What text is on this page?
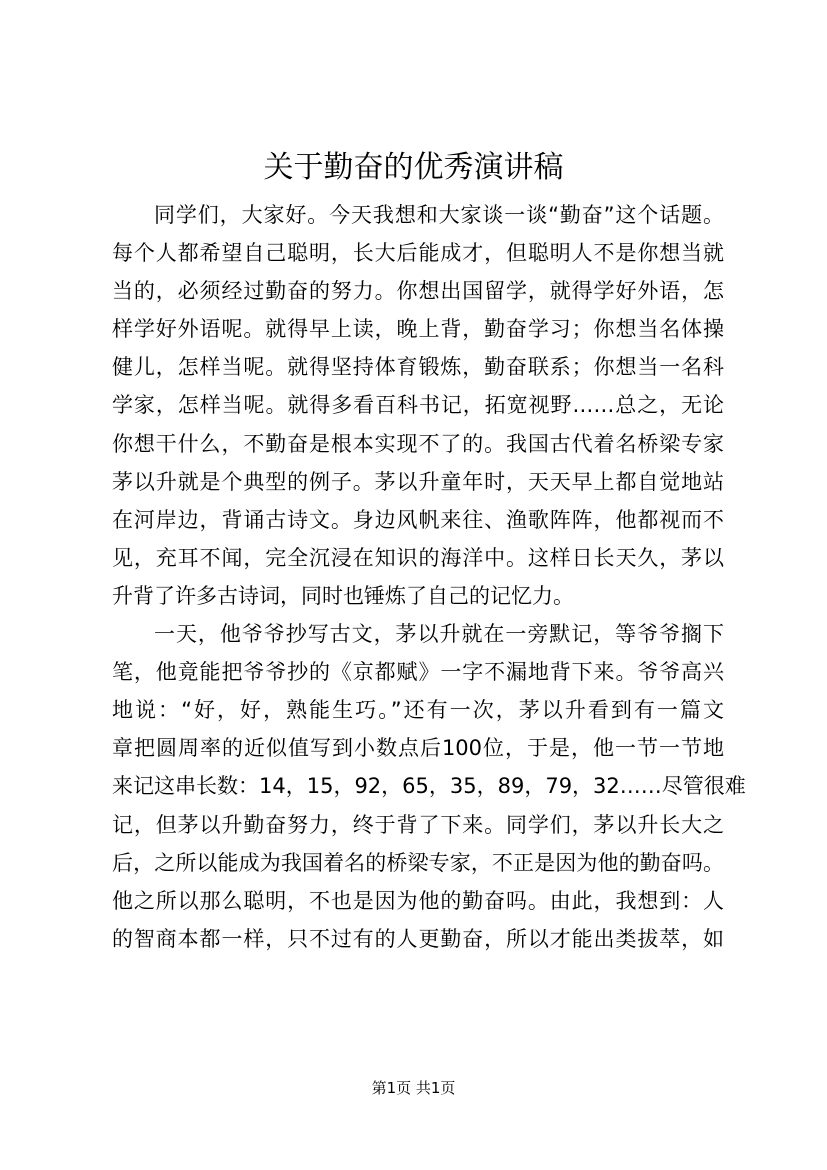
关于勤奋的优秀演讲稿
同学们，大家好。今天我想和大家谈一谈“勤奋”这个话题。
每个人都希望自己聪明，长大后能成才，但聪明人不是你想当就
当的，必须经过勤奋的努力。你想出国留学，就得学好外语，怎
样学好外语呢。就得早上读，晚上背，勤奋学习；你想当名体操
健儿，怎样当呢。就得坚持体育锻炼，勤奋联系；你想当一名科
学家，怎样当呢。就得多看百科书记，拓宽视野……总之，无论
你想干什么，不勤奋是根本实现不了的。我国古代着名桥梁专家
茅以升就是个典型的例子。茅以升童年时，天天早上都自觉地站
在河岸边，背诵古诗文。身边风帆来往、渔歌阵阵，他都视而不
见，充耳不闻，完全沉浸在知识的海洋中。这样日长天久，茅以
升背了许多古诗词，同时也锤炼了自己的记忆力。
一天，他爷爷抄写古文，茅以升就在一旁默记，等爷爷搁下
笔，他竟能把爷爷抄的《京都赋》一字不漏地背下来。爷爷高兴
地说：“好，好，熟能生巧。”还有一次，茅以升看到有一篇文
章把圆周率的近似值写到小数点后100位，于是，他一节一节地
来记这串长数：14，15，92，65，35，89，79，32……尽管很难
记，但茅以升勤奋努力，终于背了下来。同学们，茅以升长大之
后，之所以能成为我国着名的桥梁专家，不正是因为他的勤奋吗。
他之所以那么聪明，不也是因为他的勤奋吗。由此，我想到：人
的智商本都一样，只不过有的人更勤奋，所以才能出类拔萃，如
第1页 共1页
